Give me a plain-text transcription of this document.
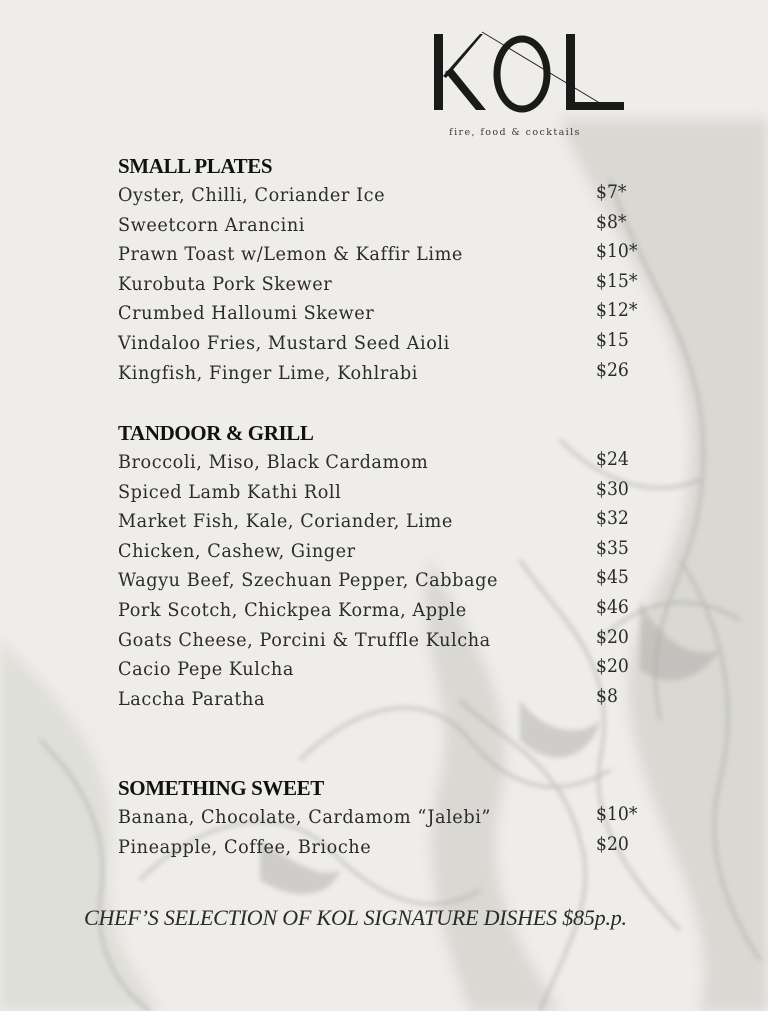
fire, food & cocktails
SMALL PLATES
Oyster, Chilli, Coriander Ice	$7*
Sweetcorn Arancini	$8*
Prawn Toast w/Lemon & Kaffir Lime	$10*
Kurobuta Pork Skewer	$15*
Crumbed Halloumi Skewer	$12*
Vindaloo Fries, Mustard Seed Aioli	$15
Kingfish, Finger Lime, Kohlrabi	$26
TANDOOR & GRILL
Broccoli, Miso, Black Cardamom	$24
Spiced Lamb Kathi Roll	$30
Market Fish, Kale, Coriander, Lime	$32
Chicken, Cashew, Ginger	$35
Wagyu Beef, Szechuan Pepper, Cabbage	$45
Pork Scotch, Chickpea Korma, Apple	$46
Goats Cheese, Porcini & Truffle Kulcha	$20
Cacio Pepe Kulcha	$20
Laccha Paratha	$8
SOMETHING SWEET
Banana, Chocolate, Cardamom “Jalebi”	$10*
Pineapple, Coffee, Brioche	$20
CHEF’S SELECTION OF KOL SIGNATURE DISHES $85p.p.
